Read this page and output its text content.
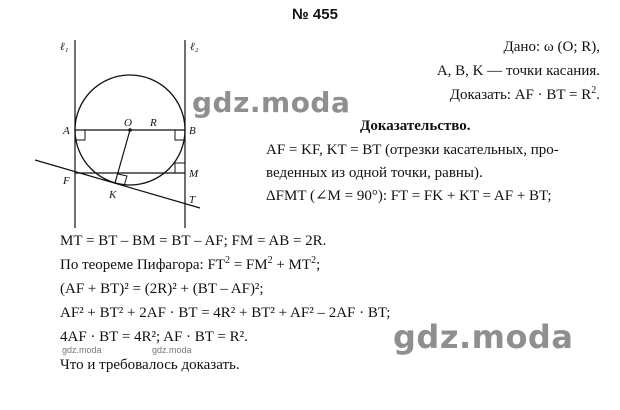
№ 455
ℓ₁	ℓ₂
A
O R
B
F
K
M
T
Дано: ω (O; R),
A, B, K — точки касания.
Доказать: AF · BT = $R^2$.
Доказательство.
AF = KF, KT = BT (отрезки касательных, про-
веденных из одной точки, равны).
ΔFMT (∠M = 90°): FT = FK + KT = AF + BT;
MT = BT – BM = BT – AF; FM = AB = 2R.
По теореме Пифагора: $FT^2 = FM^2 + MT^2$;
(AF + BT)² = (2R)² + (BT – AF)²;
AF² + BT² + 2AF · BT = 4R² + BT² + AF² – 2AF · BT;
4AF · BT = 4R²; AF · BT = R².
Что и требовалось доказать.
gdz.moda
gdz.moda
gdz.moda	gdz.moda
